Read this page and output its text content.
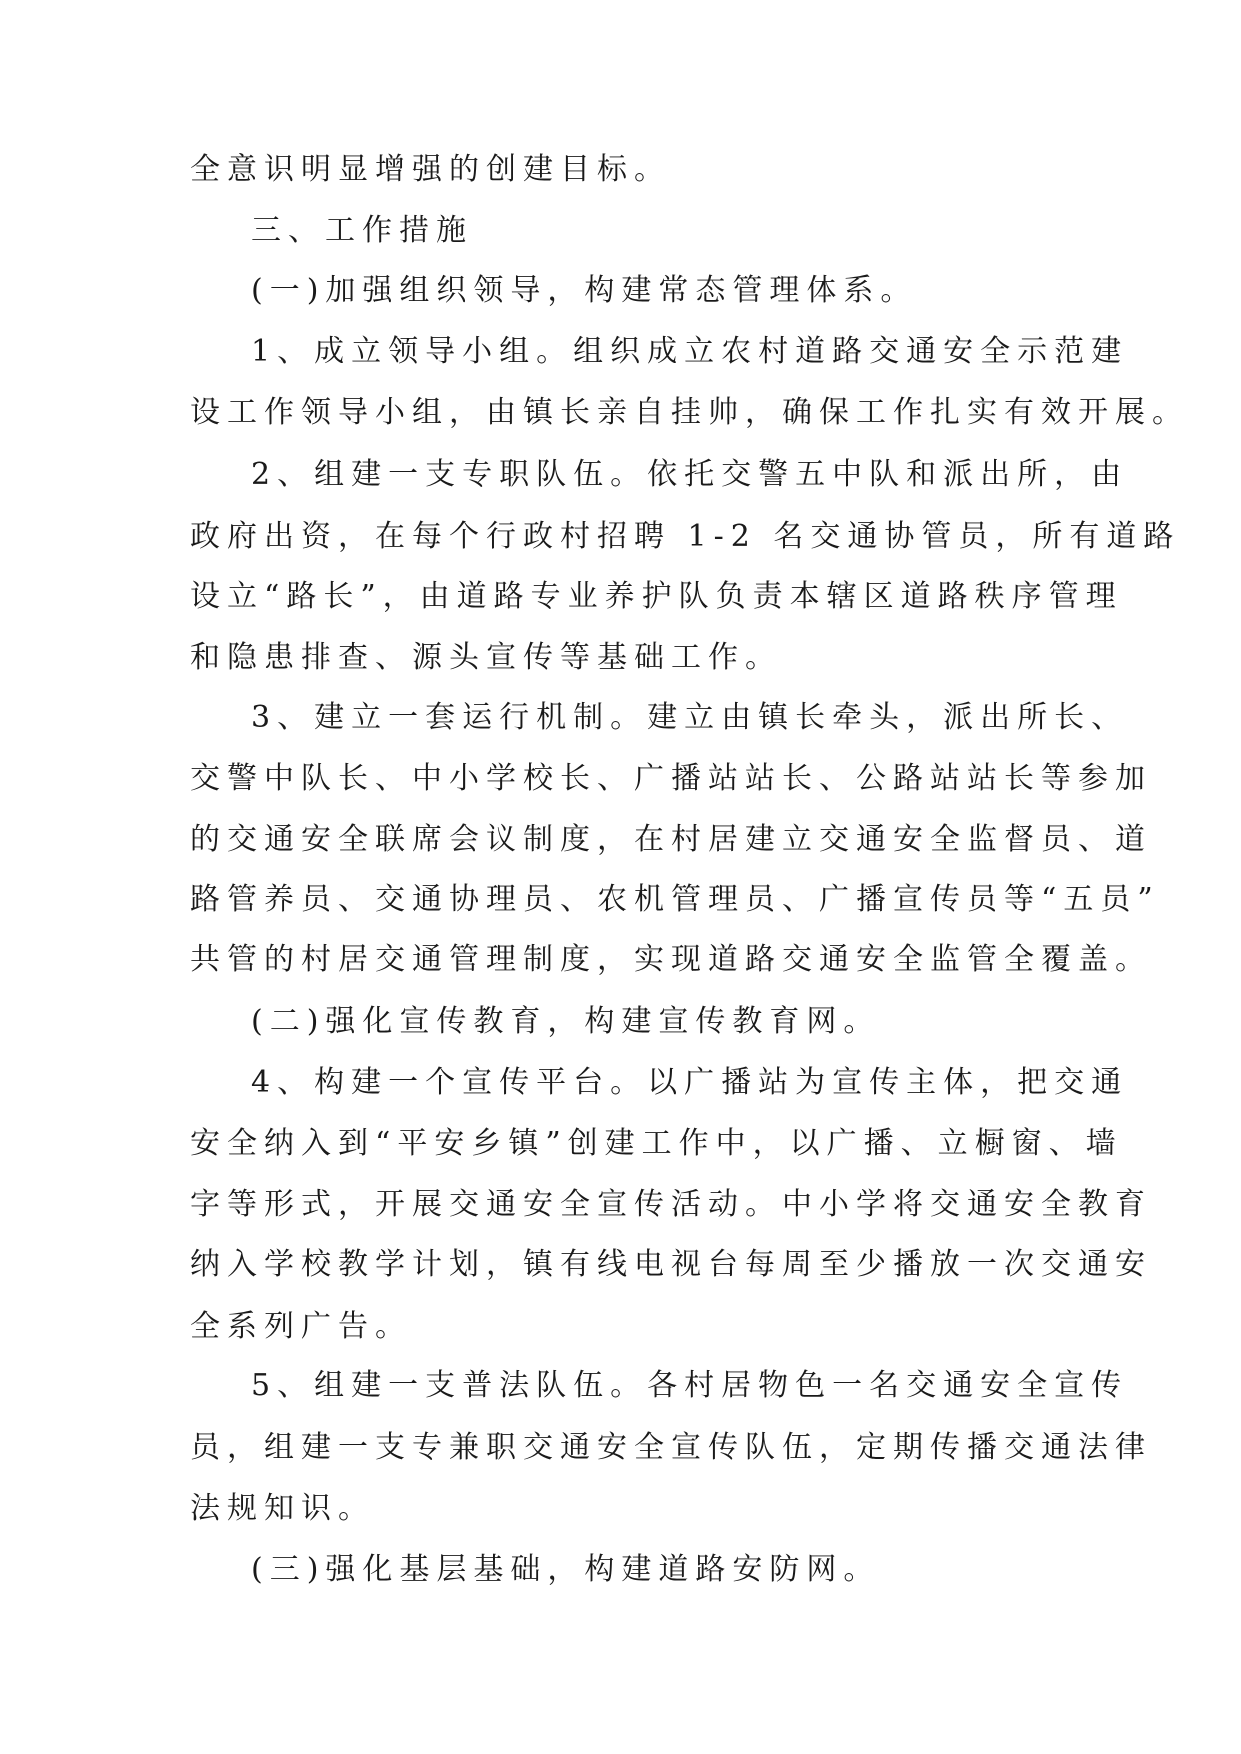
全意识明显增强的创建目标。
三、工作措施
(一)加强组织领导，构建常态管理体系。
1、成立领导小组。组织成立农村道路交通安全示范建
设工作领导小组，由镇长亲自挂帅，确保工作扎实有效开展。
2、组建一支专职队伍。依托交警五中队和派出所，由
政府出资，在每个行政村招聘 1-2 名交通协管员，所有道路
设立“路长”，由道路专业养护队负责本辖区道路秩序管理
和隐患排查、源头宣传等基础工作。
3、建立一套运行机制。建立由镇长牵头，派出所长、
交警中队长、中小学校长、广播站站长、公路站站长等参加
的交通安全联席会议制度，在村居建立交通安全监督员、道
路管养员、交通协理员、农机管理员、广播宣传员等“五员”
共管的村居交通管理制度，实现道路交通安全监管全覆盖。
(二)强化宣传教育，构建宣传教育网。
4、构建一个宣传平台。以广播站为宣传主体，把交通
安全纳入到“平安乡镇”创建工作中，以广播、立橱窗、墙
字等形式，开展交通安全宣传活动。中小学将交通安全教育
纳入学校教学计划，镇有线电视台每周至少播放一次交通安
全系列广告。
5、组建一支普法队伍。各村居物色一名交通安全宣传
员，组建一支专兼职交通安全宣传队伍，定期传播交通法律
法规知识。
(三)强化基层基础，构建道路安防网。
